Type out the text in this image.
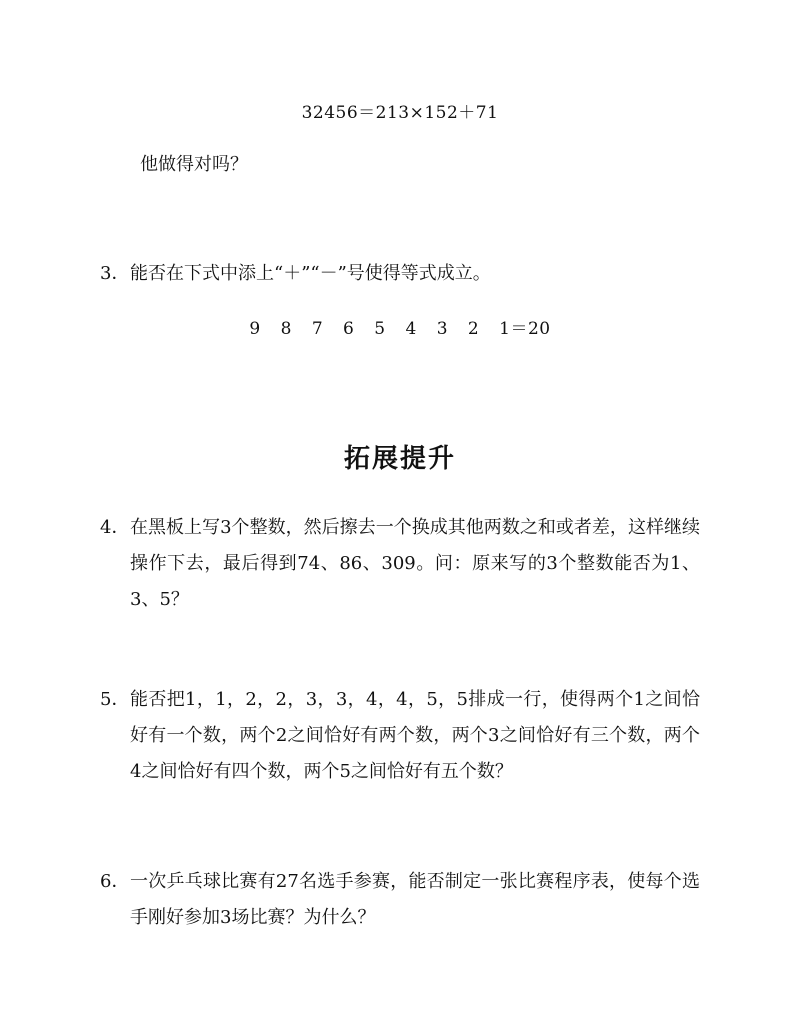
32456＝213×152＋71
他做得对吗？
3． 能否在下式中添上“＋”“－”号使得等式成立。
9 8 7 6 5 4 3 2 1＝20
拓展提升
4． 在黑板上写3个整数，然后擦去一个换成其他两数之和或者差，这样继续操作下去，最后得到74、86、309。问：原来写的3个整数能否为1、3、5？
5． 能否把1，1，2，2，3，3，4，4，5，5排成一行，使得两个1之间恰好有一个数，两个2之间恰好有两个数，两个3之间恰好有三个数，两个4之间恰好有四个数，两个5之间恰好有五个数？
6． 一次乒乓球比赛有27名选手参赛，能否制定一张比赛程序表，使每个选手刚好参加3场比赛？为什么？
